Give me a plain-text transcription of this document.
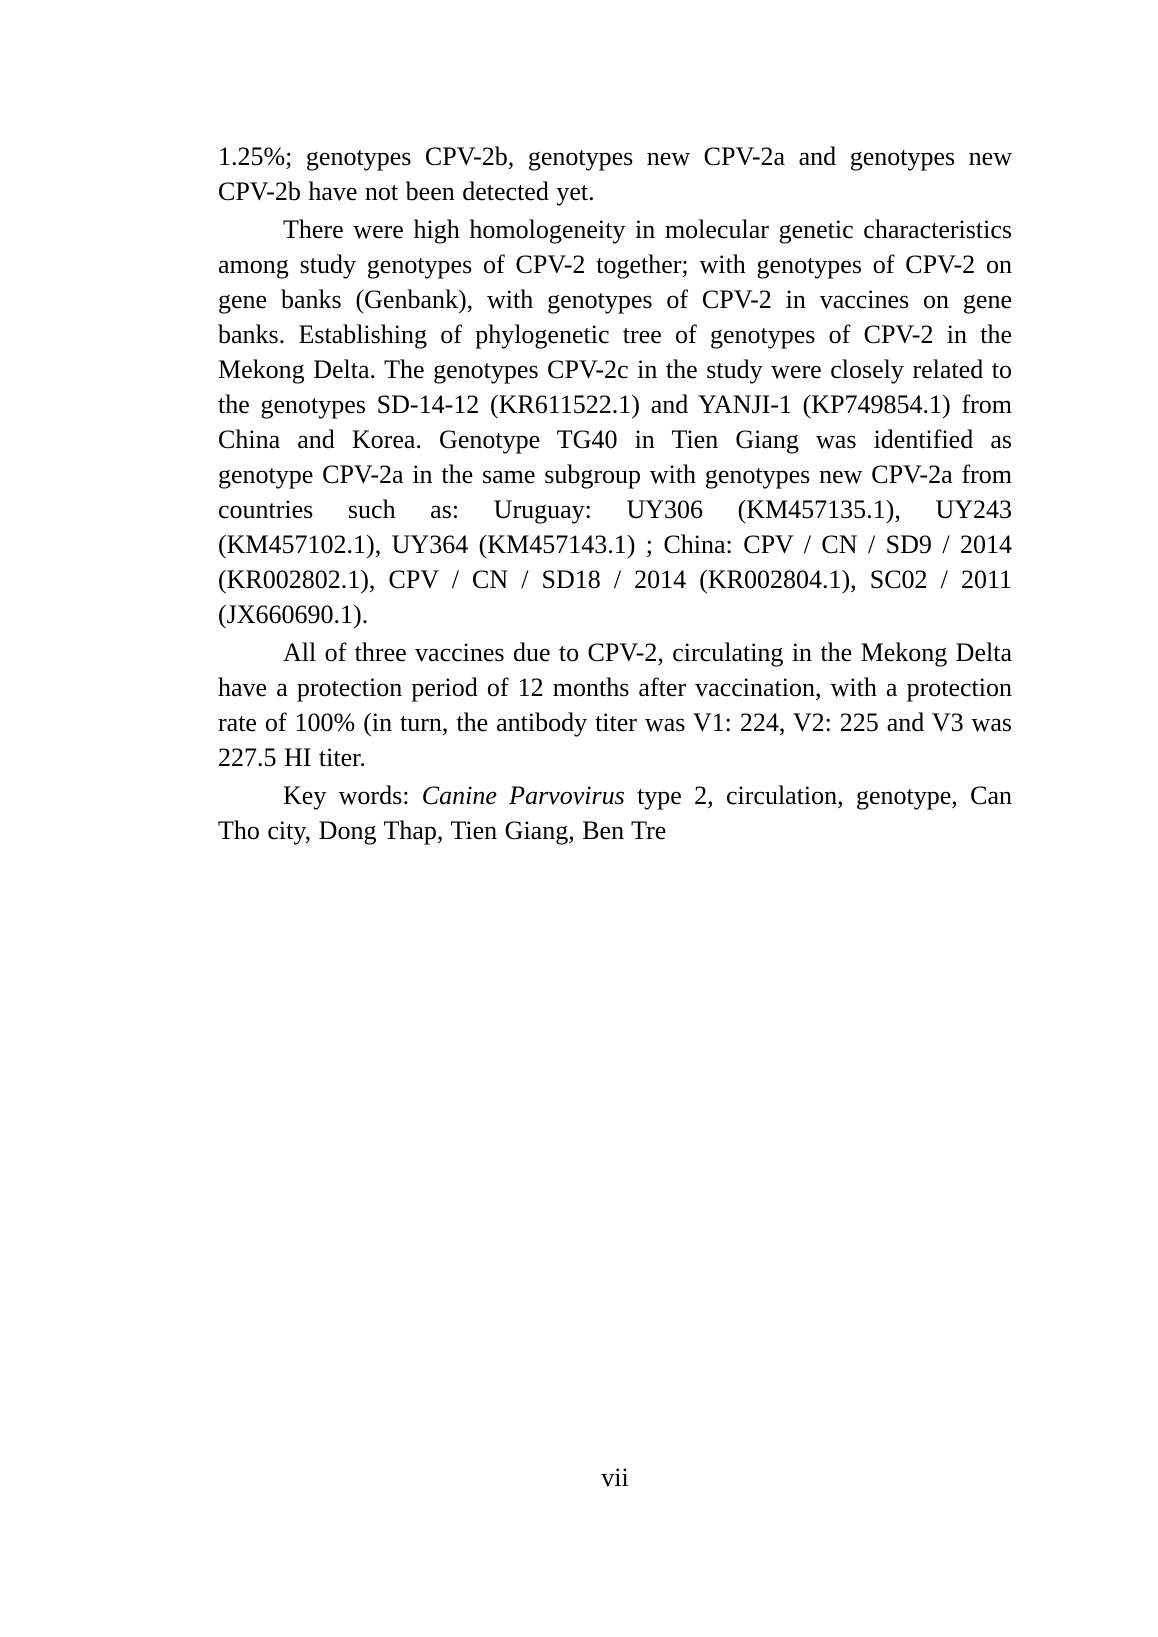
1.25%; genotypes CPV-2b, genotypes new CPV-2a and genotypes new CPV-2b have not been detected yet.

There were high homologeneity in molecular genetic characteristics among study genotypes of CPV-2 together; with genotypes of CPV-2 on gene banks (Genbank), with genotypes of CPV-2 in vaccines on gene banks. Establishing of phylogenetic tree of genotypes of CPV-2 in the Mekong Delta. The genotypes CPV-2c in the study were closely related to the genotypes SD-14-12 (KR611522.1) and YANJI-1 (KP749854.1) from China and Korea. Genotype TG40 in Tien Giang was identified as genotype CPV-2a in the same subgroup with genotypes new CPV-2a from countries such as: Uruguay: UY306 (KM457135.1), UY243 (KM457102.1), UY364 (KM457143.1) ; China: CPV / CN / SD9 / 2014 (KR002802.1), CPV / CN / SD18 / 2014 (KR002804.1), SC02 / 2011 (JX660690.1).

All of three vaccines due to CPV-2, circulating in the Mekong Delta have a protection period of 12 months after vaccination, with a protection rate of 100% (in turn, the antibody titer was V1: 224, V2: 225 and V3 was 227.5 HI titer.

Key words: Canine Parvovirus type 2, circulation, genotype, Can Tho city, Dong Thap, Tien Giang, Ben Tre

vii
